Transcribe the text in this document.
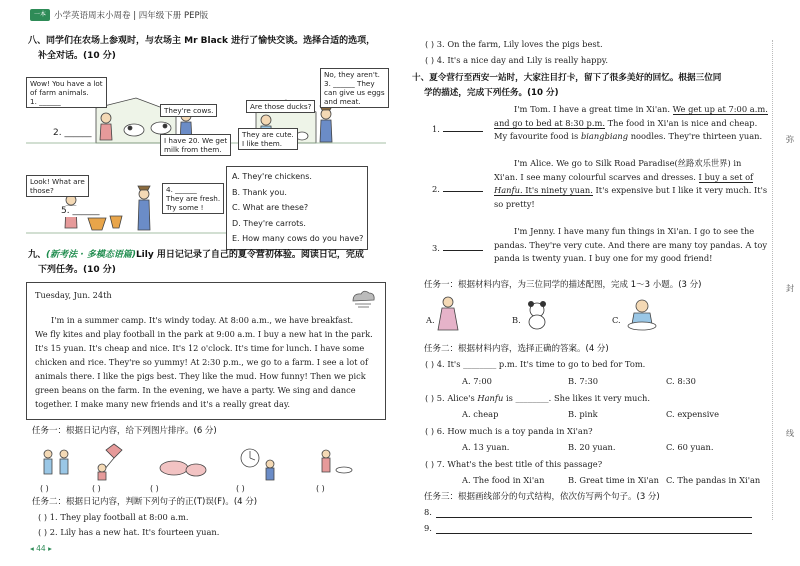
一本 小学英语周末小周卷 | 四年级下册 PEP版
八、同学们在农场上参观时，与农场主 Mr Black 进行了愉快交谈。选择合适的选项，
补全对话。(10 分)
Wow! You have a lot
of farm animals.
1. ______
They're cows.
2. ______
I have 20. We get
milk from them.
Are those ducks?
No, they aren't.
3. ______ They
can give us eggs
and meat.
They are cute.
I like them.
Look! What are
those?	4. ______
They are fresh.
Try some !
5. ______
A. They're chickens.
B. Thank you.
C. What are these?
D. They're carrots.
E. How many cows do you have?
九、(新考法 · 多模态语篇)Lily 用日记记录了自己的夏令营初体验。阅读日记，完成
下列任务。(10 分)
Tuesday, Jun. 24th
I'm in a summer camp. It's windy today. At 8:00 a.m., we have breakfast.
We fly kites and play football in the park at 9:00 a.m. I buy a new hat in the park.
It's 15 yuan. It's cheap and nice. It's 12 o'clock. It's time for lunch. I have some
chicken and rice. They're so yummy! At 2:30 p.m., we go to a farm. I see a lot of
animals there. I like the pigs best. They like the mud. How funny! Then we pick
green beans on the farm. In the evening, we have a party. We sing and dance
together. I make many new friends and it's a really great day.
任务一：根据日记内容，给下列图片排序。(6 分)
( )	( )	( )	( )	( )
任务二：根据日记内容，判断下列句子的正(T)误(F)。(4 分)
( ) 1. They play football at 8:00 a.m.
( ) 2. Lily has a new hat. It's fourteen yuan.
◂ 44 ▸
( ) 3. On the farm, Lily loves the pigs best.
( ) 4. It's a nice day and Lily is really happy.
十、夏令营行至西安一站时，大家注目打卡，留下了很多美好的回忆。根据三位同
学的描述，完成下列任务。(10 分)
1.
I'm Tom. I have a great time in Xi'an. We get up at 7:00 a.m.
and go to bed at 8:30 p.m. The food in Xi'an is nice and cheap.
My favourite food is biangbiang noodles. They're thirteen yuan.
2.
I'm Alice. We go to Silk Road Paradise(丝路欢乐世界) in
Xi'an. I see many colourful scarves and dresses. I buy a set of
Hanfu. It's ninety yuan. It's expensive but I like it very much. It's
so pretty!
3.
I'm Jenny. I have many fun things in Xi'an. I go to see the
pandas. They're very cute. And there are many toy pandas. A toy
panda is twenty yuan. I buy one for my good friend!
任务一：根据材料内容，为三位同学的描述配图，完成 1～3 小题。(3 分)
A.	B.	C.
任务二：根据材料内容，选择正确的答案。(4 分)
( ) 4. It's ________ p.m. It's time to go to bed for Tom.
A. 7:00	B. 7:30	C. 8:30
( ) 5. Alice's Hanfu is ________. She likes it very much.
A. cheap	B. pink	C. expensive
( ) 6. How much is a toy panda in Xi'an?
A. 13 yuan.	B. 20 yuan.	C. 60 yuan.
( ) 7. What's the best title of this passage?
A. The food in Xi'an	B. Great time in Xi'an C. The pandas in Xi'an
任务三：根据画线部分的句式结构，依次仿写两个句子。(3 分)
8.
9.
弥
封
线
